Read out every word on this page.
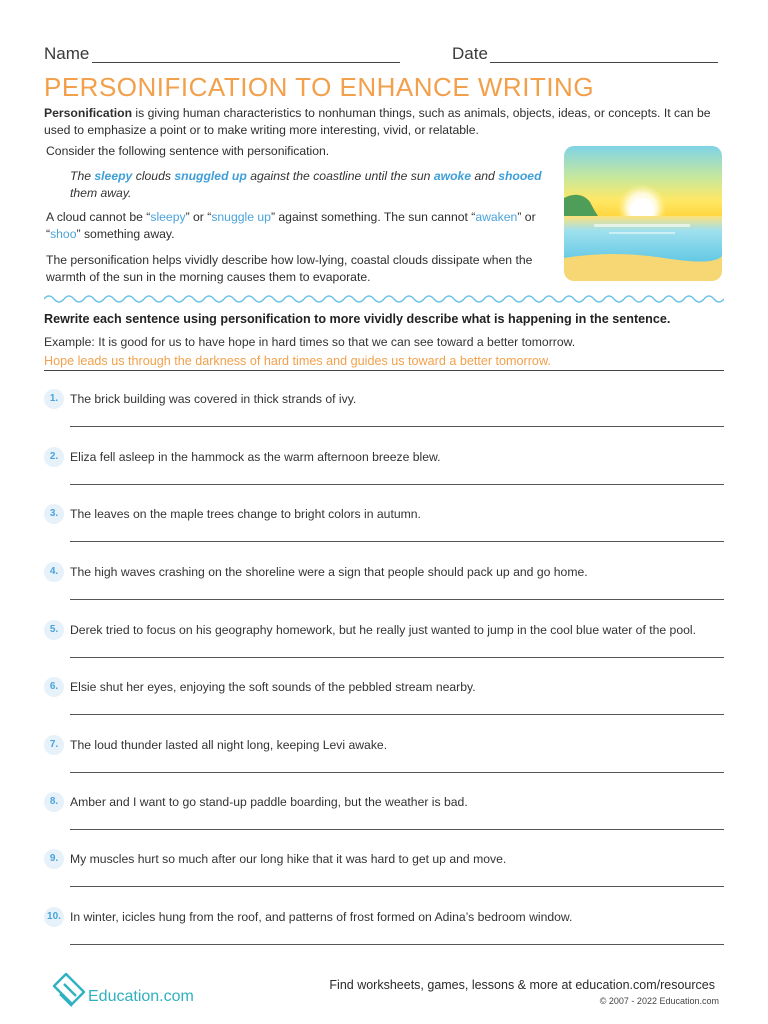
Name	Date
PERSONIFICATION TO ENHANCE WRITING
Personification is giving human characteristics to nonhuman things, such as animals, objects, ideas, or concepts. It can be used to emphasize a point or to make writing more interesting, vivid, or relatable.
Consider the following sentence with personification.
The sleepy clouds snuggled up against the coastline until the sun awoke and shooed them away.
A cloud cannot be “sleepy” or “snuggle up” against something. The sun cannot “awaken” or “shoo” something away.
The personification helps vividly describe how low-lying, coastal clouds dissipate when the warmth of the sun in the morning causes them to evaporate.
Rewrite each sentence using personification to more vividly describe what is happening in the sentence.
Example: It is good for us to have hope in hard times so that we can see toward a better tomorrow.
Hope leads us through the darkness of hard times and guides us toward a better tomorrow.
1. The brick building was covered in thick strands of ivy.
2. Eliza fell asleep in the hammock as the warm afternoon breeze blew.
3. The leaves on the maple trees change to bright colors in autumn.
4. The high waves crashing on the shoreline were a sign that people should pack up and go home.
5. Derek tried to focus on his geography homework, but he really just wanted to jump in the cool blue water of the pool.
6. Elsie shut her eyes, enjoying the soft sounds of the pebbled stream nearby.
7. The loud thunder lasted all night long, keeping Levi awake.
8. Amber and I want to go stand-up paddle boarding, but the weather is bad.
9. My muscles hurt so much after our long hike that it was hard to get up and move.
10. In winter, icicles hung from the roof, and patterns of frost formed on Adina’s bedroom window.
Education.com
Find worksheets, games, lessons & more at education.com/resources
© 2007 - 2022 Education.com
